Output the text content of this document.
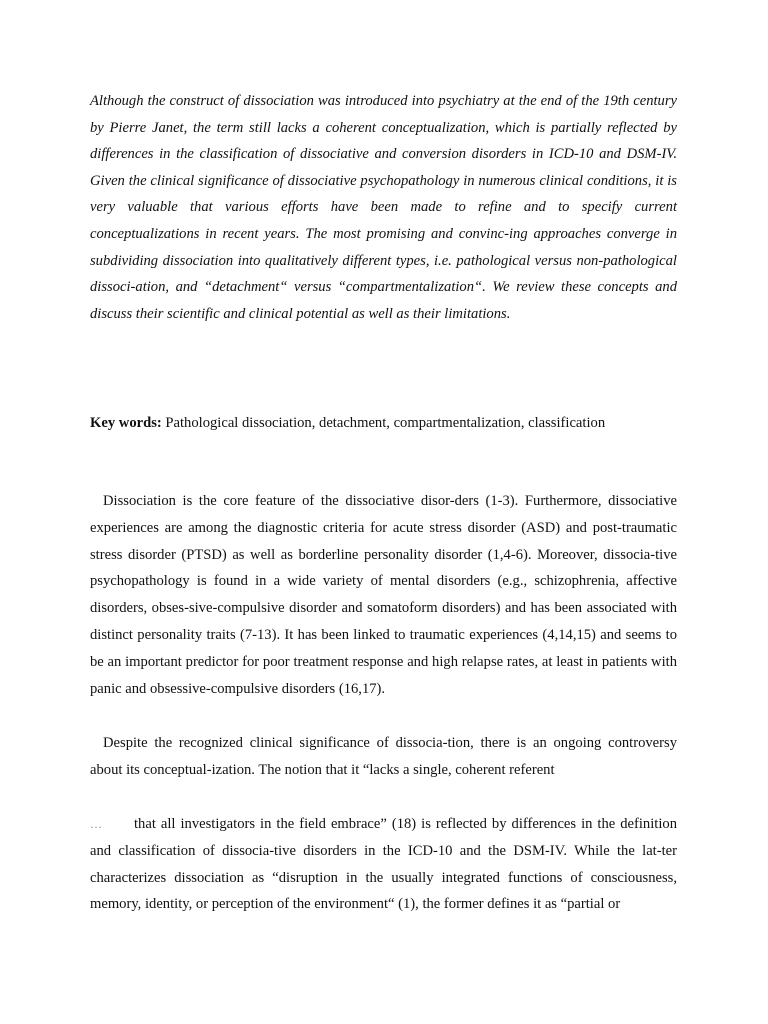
Although the construct of dissociation was introduced into psychiatry at the end of the 19th century by Pierre Janet, the term still lacks a coherent conceptualization, which is partially reflected by differences in the classification of dissociative and conversion disorders in ICD-10 and DSM-IV. Given the clinical significance of dissociative psychopathology in numerous clinical conditions, it is very valuable that various efforts have been made to refine and to specify current conceptualizations in recent years. The most promising and convinc-ing approaches converge in subdividing dissociation into qualitatively different types, i.e. pathological versus non-pathological dissoci-ation, and “detachment“ versus “compartmentalization“. We review these concepts and discuss their scientific and clinical potential as well as their limitations.

Key words: Pathological dissociation, detachment, compartmentalization, classification

Dissociation is the core feature of the dissociative disor-ders (1-3). Furthermore, dissociative experiences are among the diagnostic criteria for acute stress disorder (ASD) and post-traumatic stress disorder (PTSD) as well as borderline personality disorder (1,4-6). Moreover, dissocia-tive psychopathology is found in a wide variety of mental disorders (e.g., schizophrenia, affective disorders, obses-sive-compulsive disorder and somatoform disorders) and has been associated with distinct personality traits (7-13). It has been linked to traumatic experiences (4,14,15) and seems to be an important predictor for poor treatment response and high relapse rates, at least in patients with panic and obsessive-compulsive disorders (16,17).

Despite the recognized clinical significance of dissocia-tion, there is an ongoing controversy about its conceptual-ization. The notion that it “lacks a single, coherent referent

… that all investigators in the field embrace” (18) is reflected by differences in the definition and classification of dissocia-tive disorders in the ICD-10 and the DSM-IV. While the lat-ter characterizes dissociation as “disruption in the usually integrated functions of consciousness, memory, identity, or perception of the environment“ (1), the former defines it as “partial or
